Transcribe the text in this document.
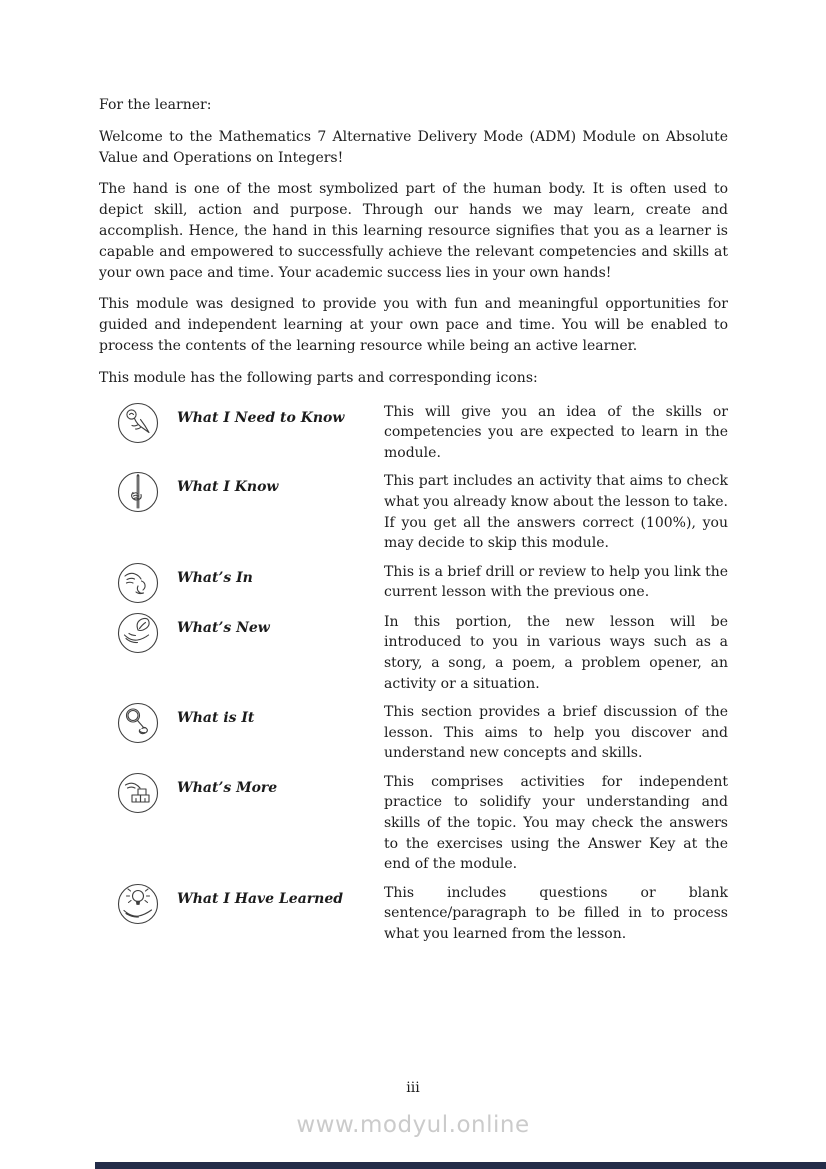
For the learner:

Welcome to the Mathematics 7 Alternative Delivery Mode (ADM) Module on Absolute Value and Operations on Integers!

The hand is one of the most symbolized part of the human body. It is often used to depict skill, action and purpose. Through our hands we may learn, create and accomplish. Hence, the hand in this learning resource signifies that you as a learner is capable and empowered to successfully achieve the relevant competencies and skills at your own pace and time. Your academic success lies in your own hands!

This module was designed to provide you with fun and meaningful opportunities for guided and independent learning at your own pace and time. You will be enabled to process the contents of the learning resource while being an active learner.

This module has the following parts and corresponding icons:

What I Need to Know	This will give you an idea of the skills or competencies you are expected to learn in the module.
What I Know	This part includes an activity that aims to check what you already know about the lesson to take. If you get all the answers correct (100%), you may decide to skip this module.
What’s In	This is a brief drill or review to help you link the current lesson with the previous one.
What’s New	In this portion, the new lesson will be introduced to you in various ways such as a story, a song, a poem, a problem opener, an activity or a situation.
What is It	This section provides a brief discussion of the lesson. This aims to help you discover and understand new concepts and skills.
What’s More	This comprises activities for independent practice to solidify your understanding and skills of the topic. You may check the answers to the exercises using the Answer Key at the end of the module.
What I Have Learned	This includes questions or blank sentence/paragraph to be filled in to process what you learned from the lesson.
iii
www.modyul.online
